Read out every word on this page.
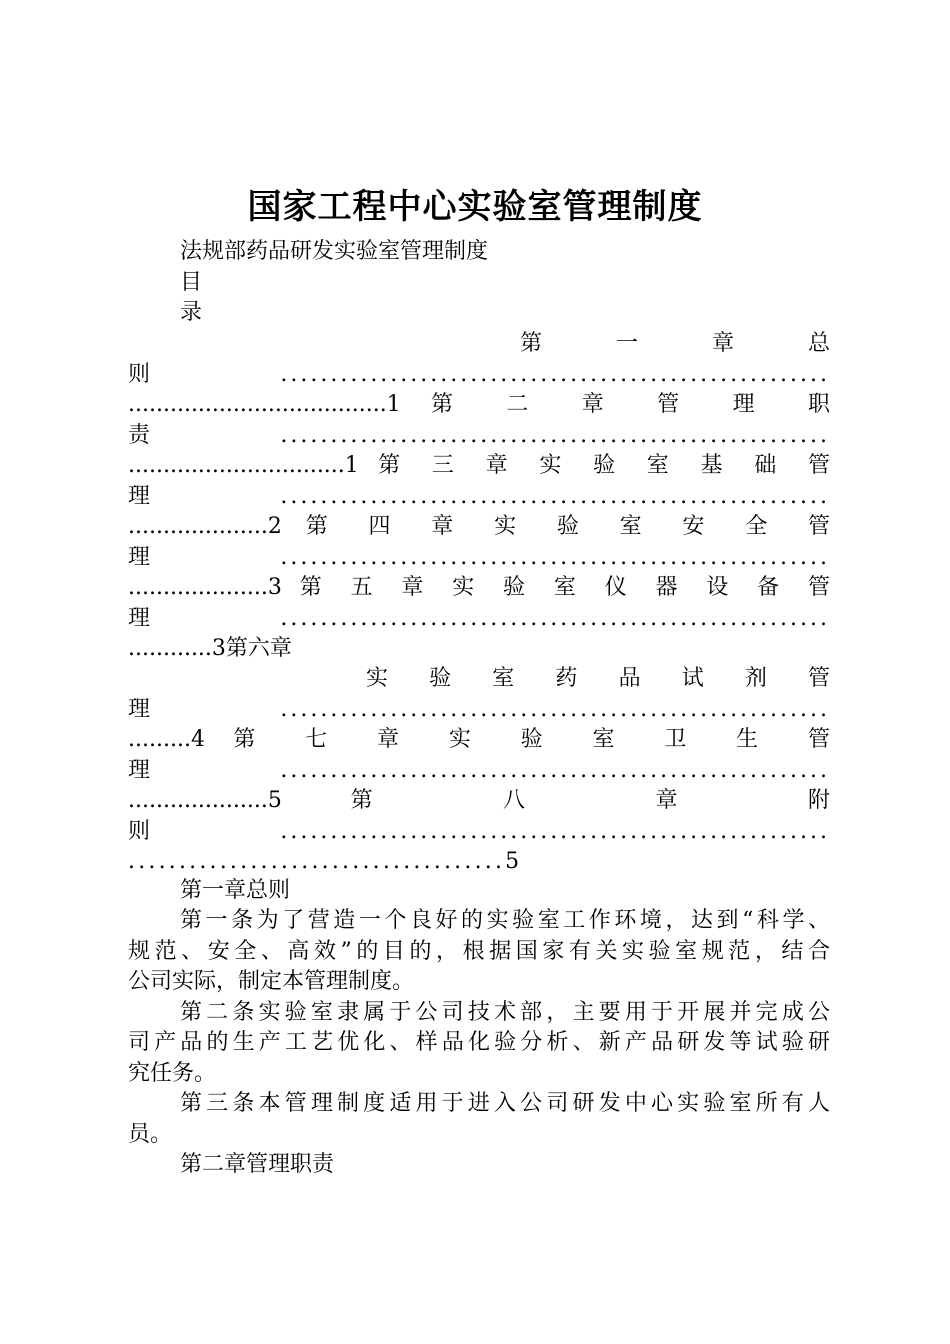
国家工程中心实验室管理制度
法规部药品研发实验室管理制度
目
录
第 一 章 总
则.......................................................
.....................................1 第 二 章 管 理 职
责.......................................................
...............................1 第 三 章 实 验 室 基 础 管
理.......................................................
....................2 第 四 章 实 验 室 安 全 管
理.......................................................
....................3 第 五 章 实 验 室 仪 器 设 备 管
理.......................................................
............3第六章
实 验 室 药 品 试 剂 管
理.......................................................
.........4 第 七 章 实 验 室 卫 生 管
理.......................................................
....................5 第 八 章 附
则.......................................................
.....................................5
第一章总则
第一条为了营造一个良好的实验室工作环境，达到“科学、
规范、安全、高效”的目的，根据国家有关实验室规范，结合
公司实际，制定本管理制度。
第二条实验室隶属于公司技术部，主要用于开展并完成公
司产品的生产工艺优化、样品化验分析、新产品研发等试验研
究任务。
第三条本管理制度适用于进入公司研发中心实验室所有人
员。
第二章管理职责
